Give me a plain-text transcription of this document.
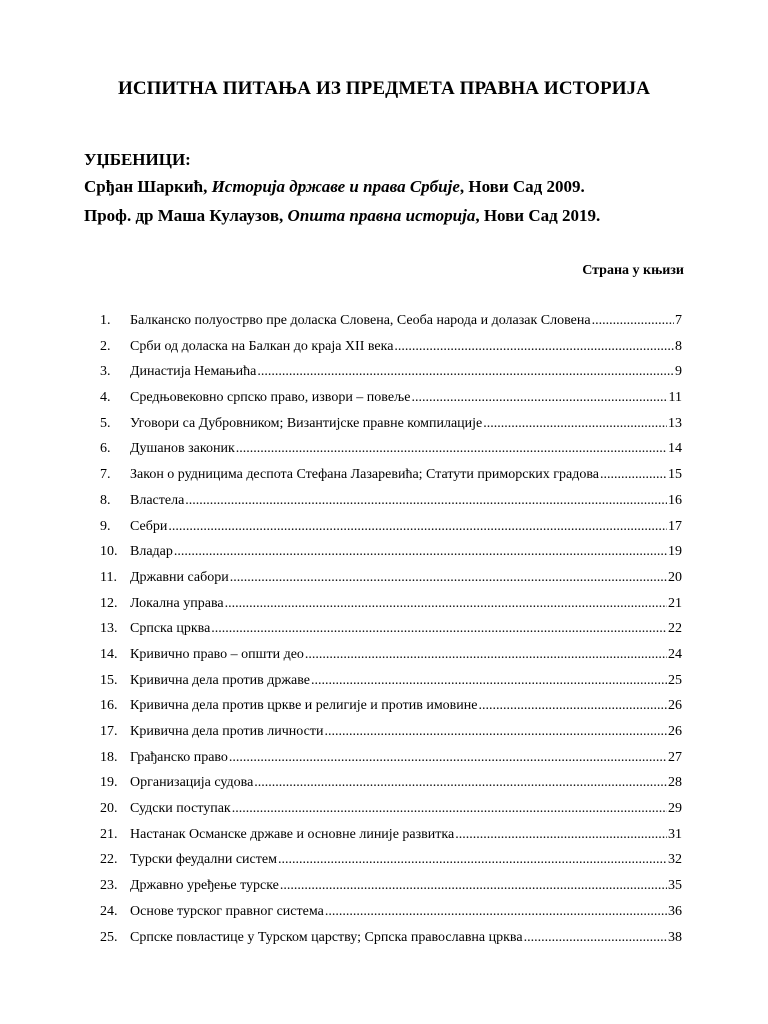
ИСПИТНА ПИТАЊА ИЗ ПРЕДМЕТА ПРАВНА ИСТОРИЈА
УЏБЕНИЦИ:
Срђан Шаркић, Историја државе и права Србије, Нови Сад 2009.
Проф. др Маша Кулаузов, Општа правна историја, Нови Сад 2019.
Страна у књизи
1.	Балканско полуострво пре доласка Словена, Сеоба народа и долазак Словена .....	7
2.	Срби од доласка на Балкан до краја XII века .....	8
3.	Династија Немањића .....	9
4.	Средњовековно српско право, извори – повеље .....	11
5.	Уговори са Дубровником; Византијске правне компилације .....	13
6.	Душанов законик .....	14
7.	Закон о рудницима деспота Стефана Лазаревића; Статути приморских градова .....	15
8.	Властела .....	16
9.	Себри .....	17
10. Владар .....	19
11. Државни сабори .....	20
12. Локална управа .....	21
13. Српска црква .....	22
14. Кривично право – општи део .....	24
15. Кривична дела против државе .....	25
16. Кривична дела против цркве и религије и против имовине .....	26
17. Кривична дела против личности .....	26
18. Грађанско право .....	27
19. Организација судова .....	28
20. Судски поступак .....	29
21. Настанак Османске државе и основне линије развитка .....	31
22. Турски феудални систем .....	32
23. Државно уређење турске .....	35
24. Основе турског правног система .....	36
25. Српске повластице у Турском царству; Српска православна црква .....	38
